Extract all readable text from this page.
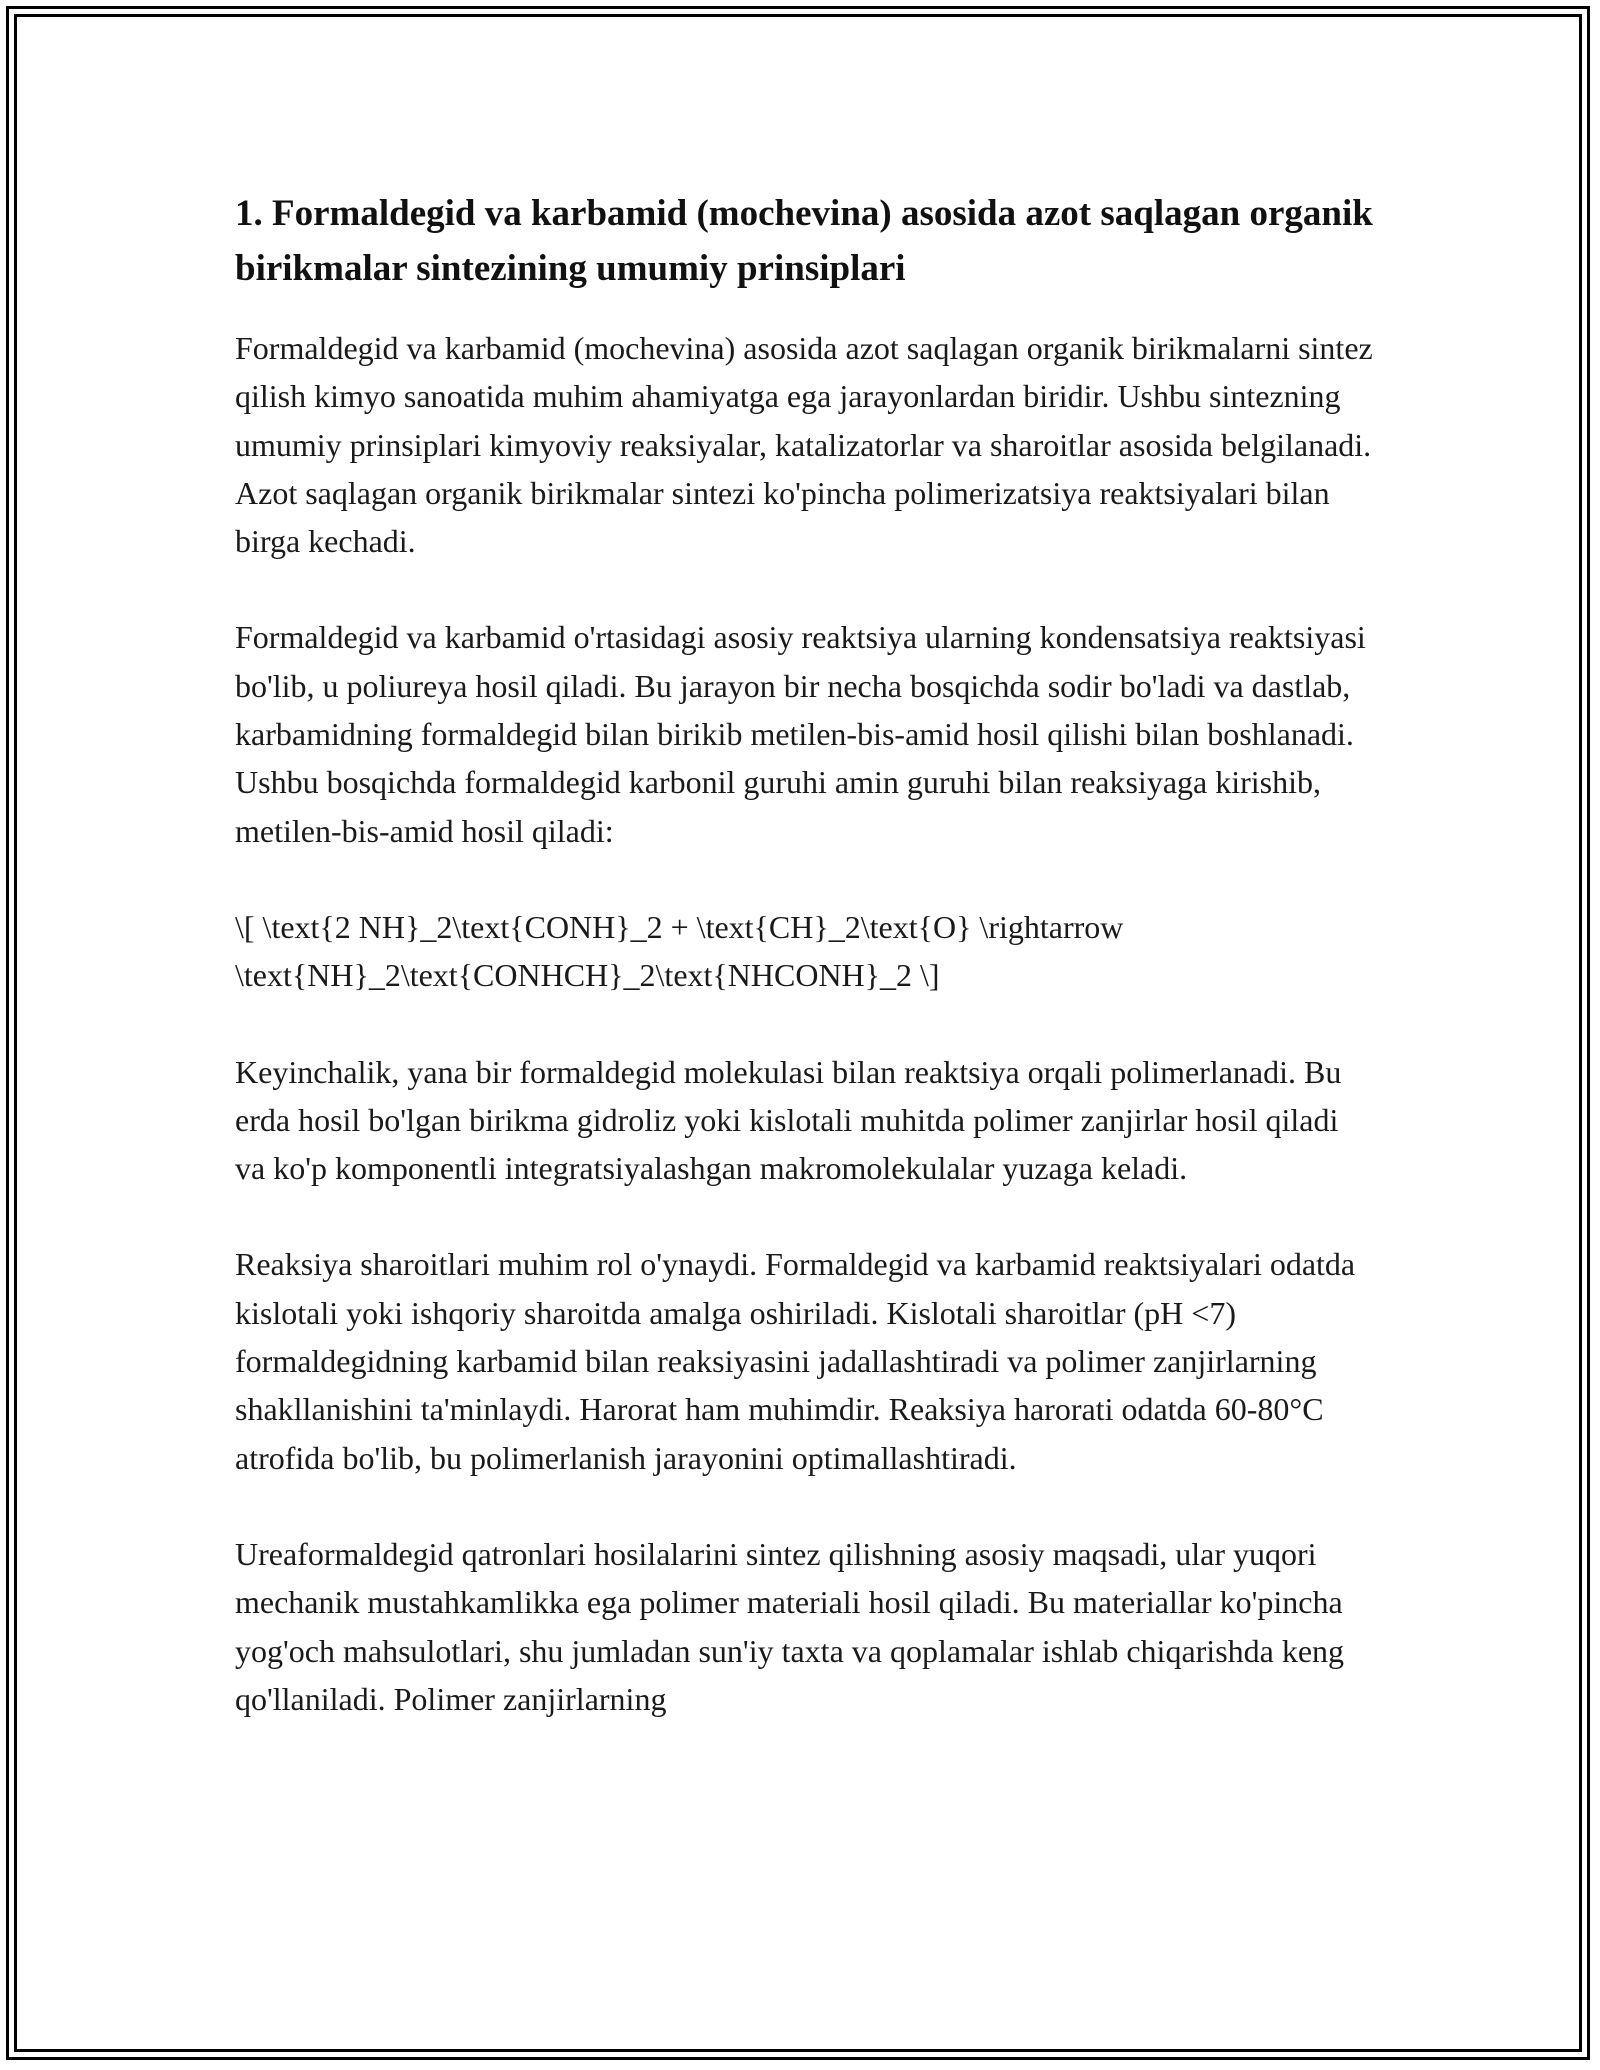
1. Formaldegid va karbamid (mochevina) asosida azot saqlagan organik birikmalar sintezining umumiy prinsiplari

Formaldegid va karbamid (mochevina) asosida azot saqlagan organik birikmalarni sintez qilish kimyo sanoatida muhim ahamiyatga ega jarayonlardan biridir. Ushbu sintezning umumiy prinsiplari kimyoviy reaksiyalar, katalizatorlar va sharoitlar asosida belgilanadi. Azot saqlagan organik birikmalar sintezi ko'pincha polimerizatsiya reaktsiyalari bilan birga kechadi.

Formaldegid va karbamid o'rtasidagi asosiy reaktsiya ularning kondensatsiya reaktsiyasi bo'lib, u poliureya hosil qiladi. Bu jarayon bir necha bosqichda sodir bo'ladi va dastlab, karbamidning formaldegid bilan birikib metilen-bis-amid hosil qilishi bilan boshlanadi. Ushbu bosqichda formaldegid karbonil guruhi amin guruhi bilan reaksiyaga kirishib, metilen-bis-amid hosil qiladi:

\[ \text{2 NH}_2\text{CONH}_2 + \text{CH}_2\text{O} \rightarrow \text{NH}_2\text{CONHCH}_2\text{NHCONH}_2 \]

Keyinchalik, yana bir formaldegid molekulasi bilan reaktsiya orqali polimerlanadi. Bu erda hosil bo'lgan birikma gidroliz yoki kislotali muhitda polimer zanjirlar hosil qiladi va ko'p komponentli integratsiyalashgan makromolekulalar yuzaga keladi.

Reaksiya sharoitlari muhim rol o'ynaydi. Formaldegid va karbamid reaktsiyalari odatda kislotali yoki ishqoriy sharoitda amalga oshiriladi. Kislotali sharoitlar (pH <7) formaldegidning karbamid bilan reaksiyasini jadallashtiradi va polimer zanjirlarning shakllanishini ta'minlaydi. Harorat ham muhimdir. Reaksiya harorati odatda 60-80°C atrofida bo'lib, bu polimerlanish jarayonini optimallashtiradi.

Ureaformaldegid qatronlari hosilalarini sintez qilishning asosiy maqsadi, ular yuqori mechanik mustahkamlikka ega polimer materiali hosil qiladi. Bu materiallar ko'pincha yog'och mahsulotlari, shu jumladan sun'iy taxta va qoplamalar ishlab chiqarishda keng qo'llaniladi. Polimer zanjirlarning
